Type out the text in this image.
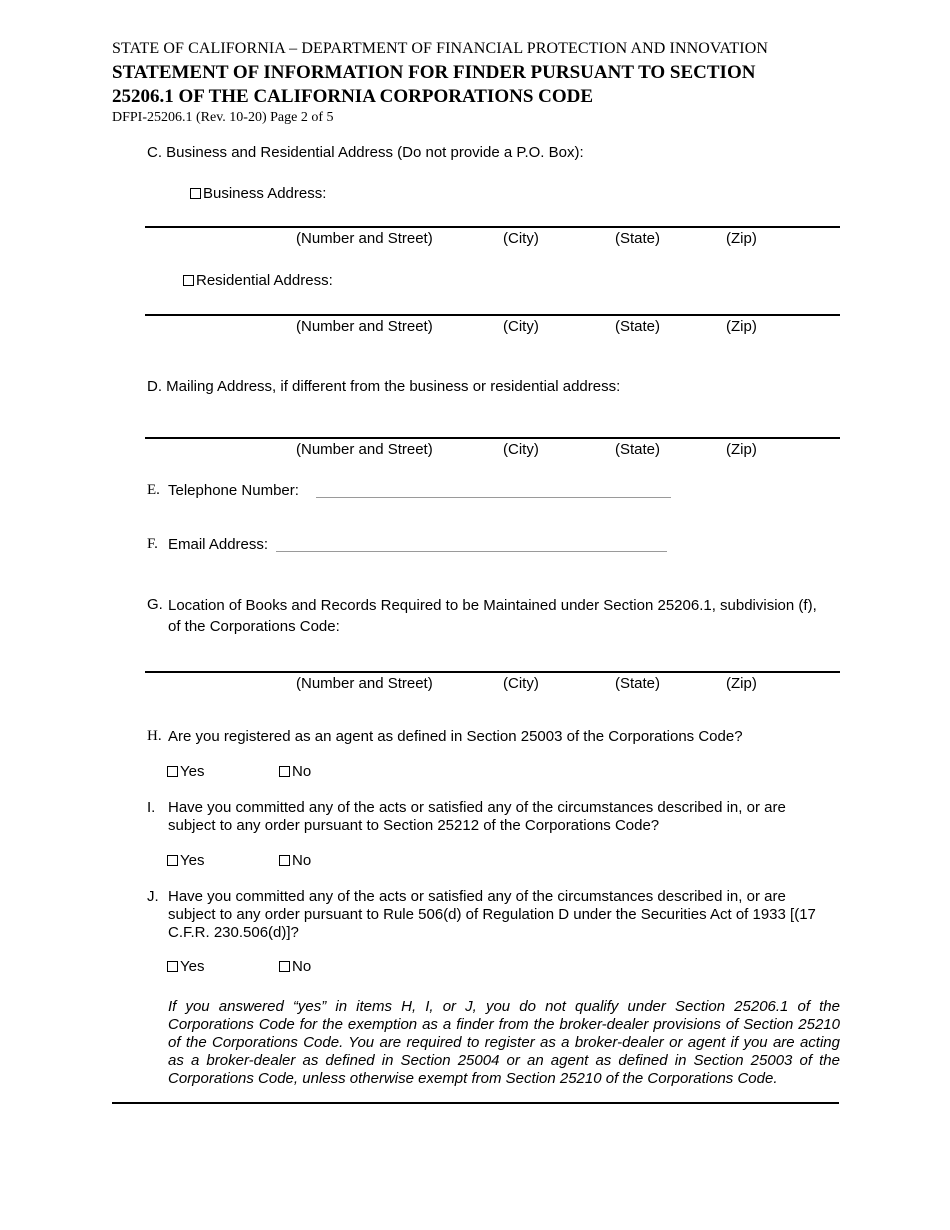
STATE OF CALIFORNIA – DEPARTMENT OF FINANCIAL PROTECTION AND INNOVATION
STATEMENT OF INFORMATION FOR FINDER PURSUANT TO SECTION
25206.1 OF THE CALIFORNIA CORPORATIONS CODE
DFPI-25206.1 (Rev. 10-20) Page 2 of 5
C. Business and Residential Address (Do not provide a P.O. Box):
Business Address:
(Number and Street)	(City)	(State)	(Zip)
Residential Address:
(Number and Street)	(City)	(State)	(Zip)
D. Mailing Address, if different from the business or residential address:
(Number and Street)	(City)	(State)	(Zip)
E. Telephone Number:
F. Email Address:
G. Location of Books and Records Required to be Maintained under Section 25206.1, subdivision (f), of the Corporations Code:
(Number and Street)	(City)	(State)	(Zip)
H. Are you registered as an agent as defined in Section 25003 of the Corporations Code?
Yes	No
I. Have you committed any of the acts or satisfied any of the circumstances described in, or are subject to any order pursuant to Section 25212 of the Corporations Code?
Yes	No
J. Have you committed any of the acts or satisfied any of the circumstances described in, or are subject to any order pursuant to Rule 506(d) of Regulation D under the Securities Act of 1933 [(17 C.F.R. 230.506(d)]?
Yes	No
If you answered “yes” in items H, I, or J, you do not qualify under Section 25206.1 of the Corporations Code for the exemption as a finder from the broker-dealer provisions of Section 25210 of the Corporations Code. You are required to register as a broker-dealer or agent if you are acting as a broker-dealer as defined in Section 25004 or an agent as defined in Section 25003 of the Corporations Code, unless otherwise exempt from Section 25210 of the Corporations Code.
